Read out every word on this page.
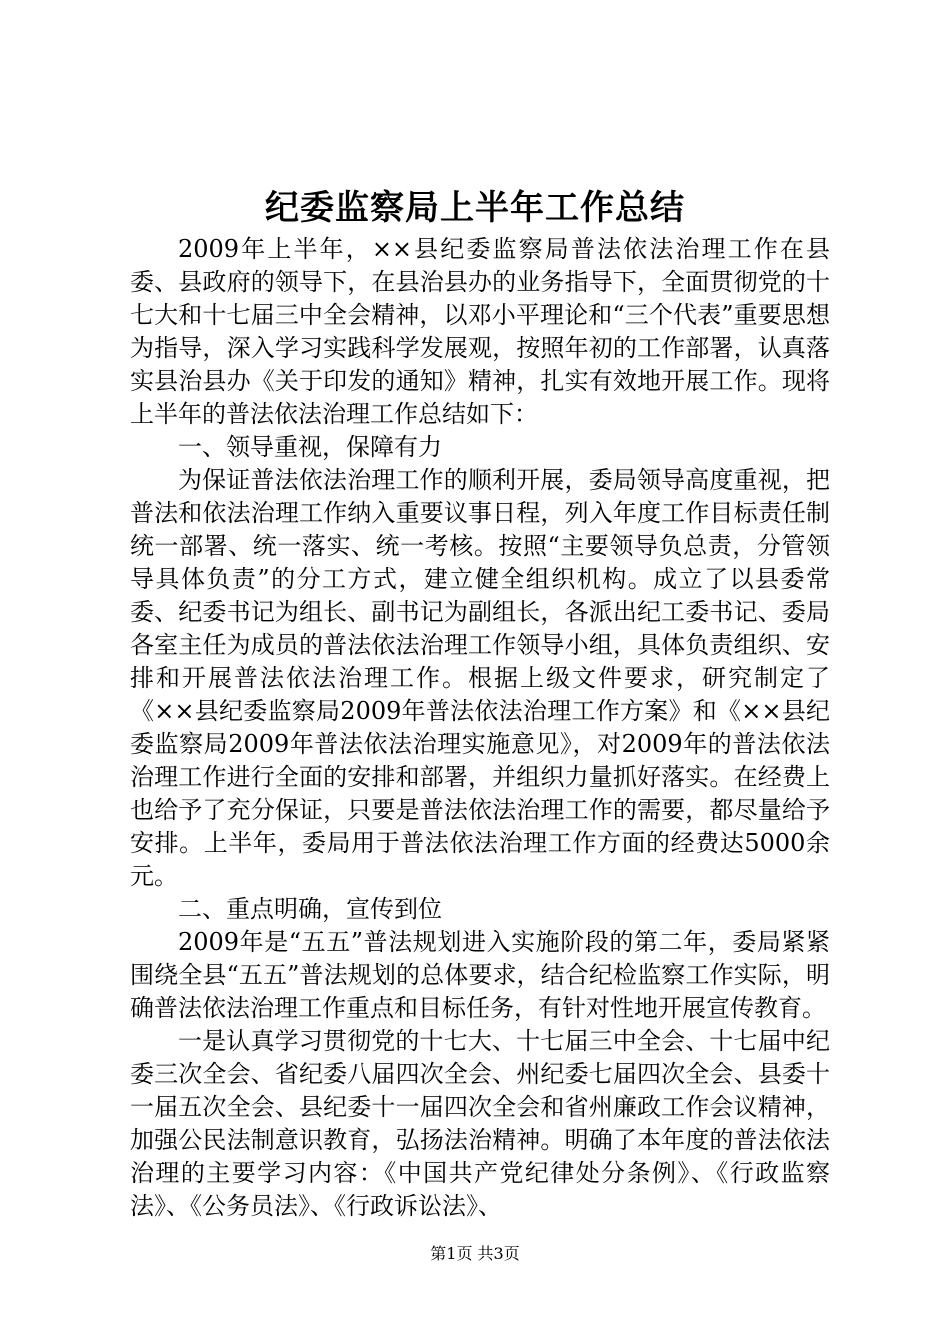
纪委监察局上半年工作总结

2009年上半年，××县纪委监察局普法依法治理工作在县委、县政府的领导下，在县治县办的业务指导下，全面贯彻党的十七大和十七届三中全会精神，以邓小平理论和“三个代表”重要思想为指导，深入学习实践科学发展观，按照年初的工作部署，认真落实县治县办《关于印发的通知》精神，扎实有效地开展工作。现将上半年的普法依法治理工作总结如下：

一、领导重视，保障有力

为保证普法依法治理工作的顺利开展，委局领导高度重视，把普法和依法治理工作纳入重要议事日程，列入年度工作目标责任制统一部署、统一落实、统一考核。按照“主要领导负总责，分管领导具体负责”的分工方式，建立健全组织机构。成立了以县委常委、纪委书记为组长、副书记为副组长，各派出纪工委书记、委局各室主任为成员的普法依法治理工作领导小组，具体负责组织、安排和开展普法依法治理工作。根据上级文件要求，研究制定了《××县纪委监察局2009年普法依法治理工作方案》和《××县纪委监察局2009年普法依法治理实施意见》，对2009年的普法依法治理工作进行全面的安排和部署，并组织力量抓好落实。在经费上也给予了充分保证，只要是普法依法治理工作的需要，都尽量给予安排。上半年，委局用于普法依法治理工作方面的经费达5000余元。

二、重点明确，宣传到位

2009年是“五五”普法规划进入实施阶段的第二年，委局紧紧围绕全县“五五”普法规划的总体要求，结合纪检监察工作实际，明确普法依法治理工作重点和目标任务，有针对性地开展宣传教育。

一是认真学习贯彻党的十七大、十七届三中全会、十七届中纪委三次全会、省纪委八届四次全会、州纪委七届四次全会、县委十一届五次全会、县纪委十一届四次全会和省州廉政工作会议精神，加强公民法制意识教育，弘扬法治精神。明确了本年度的普法依法治理的主要学习内容：《中国共产党纪律处分条例》、《行政监察法》、《公务员法》、《行政诉讼法》、

第1页 共3页
